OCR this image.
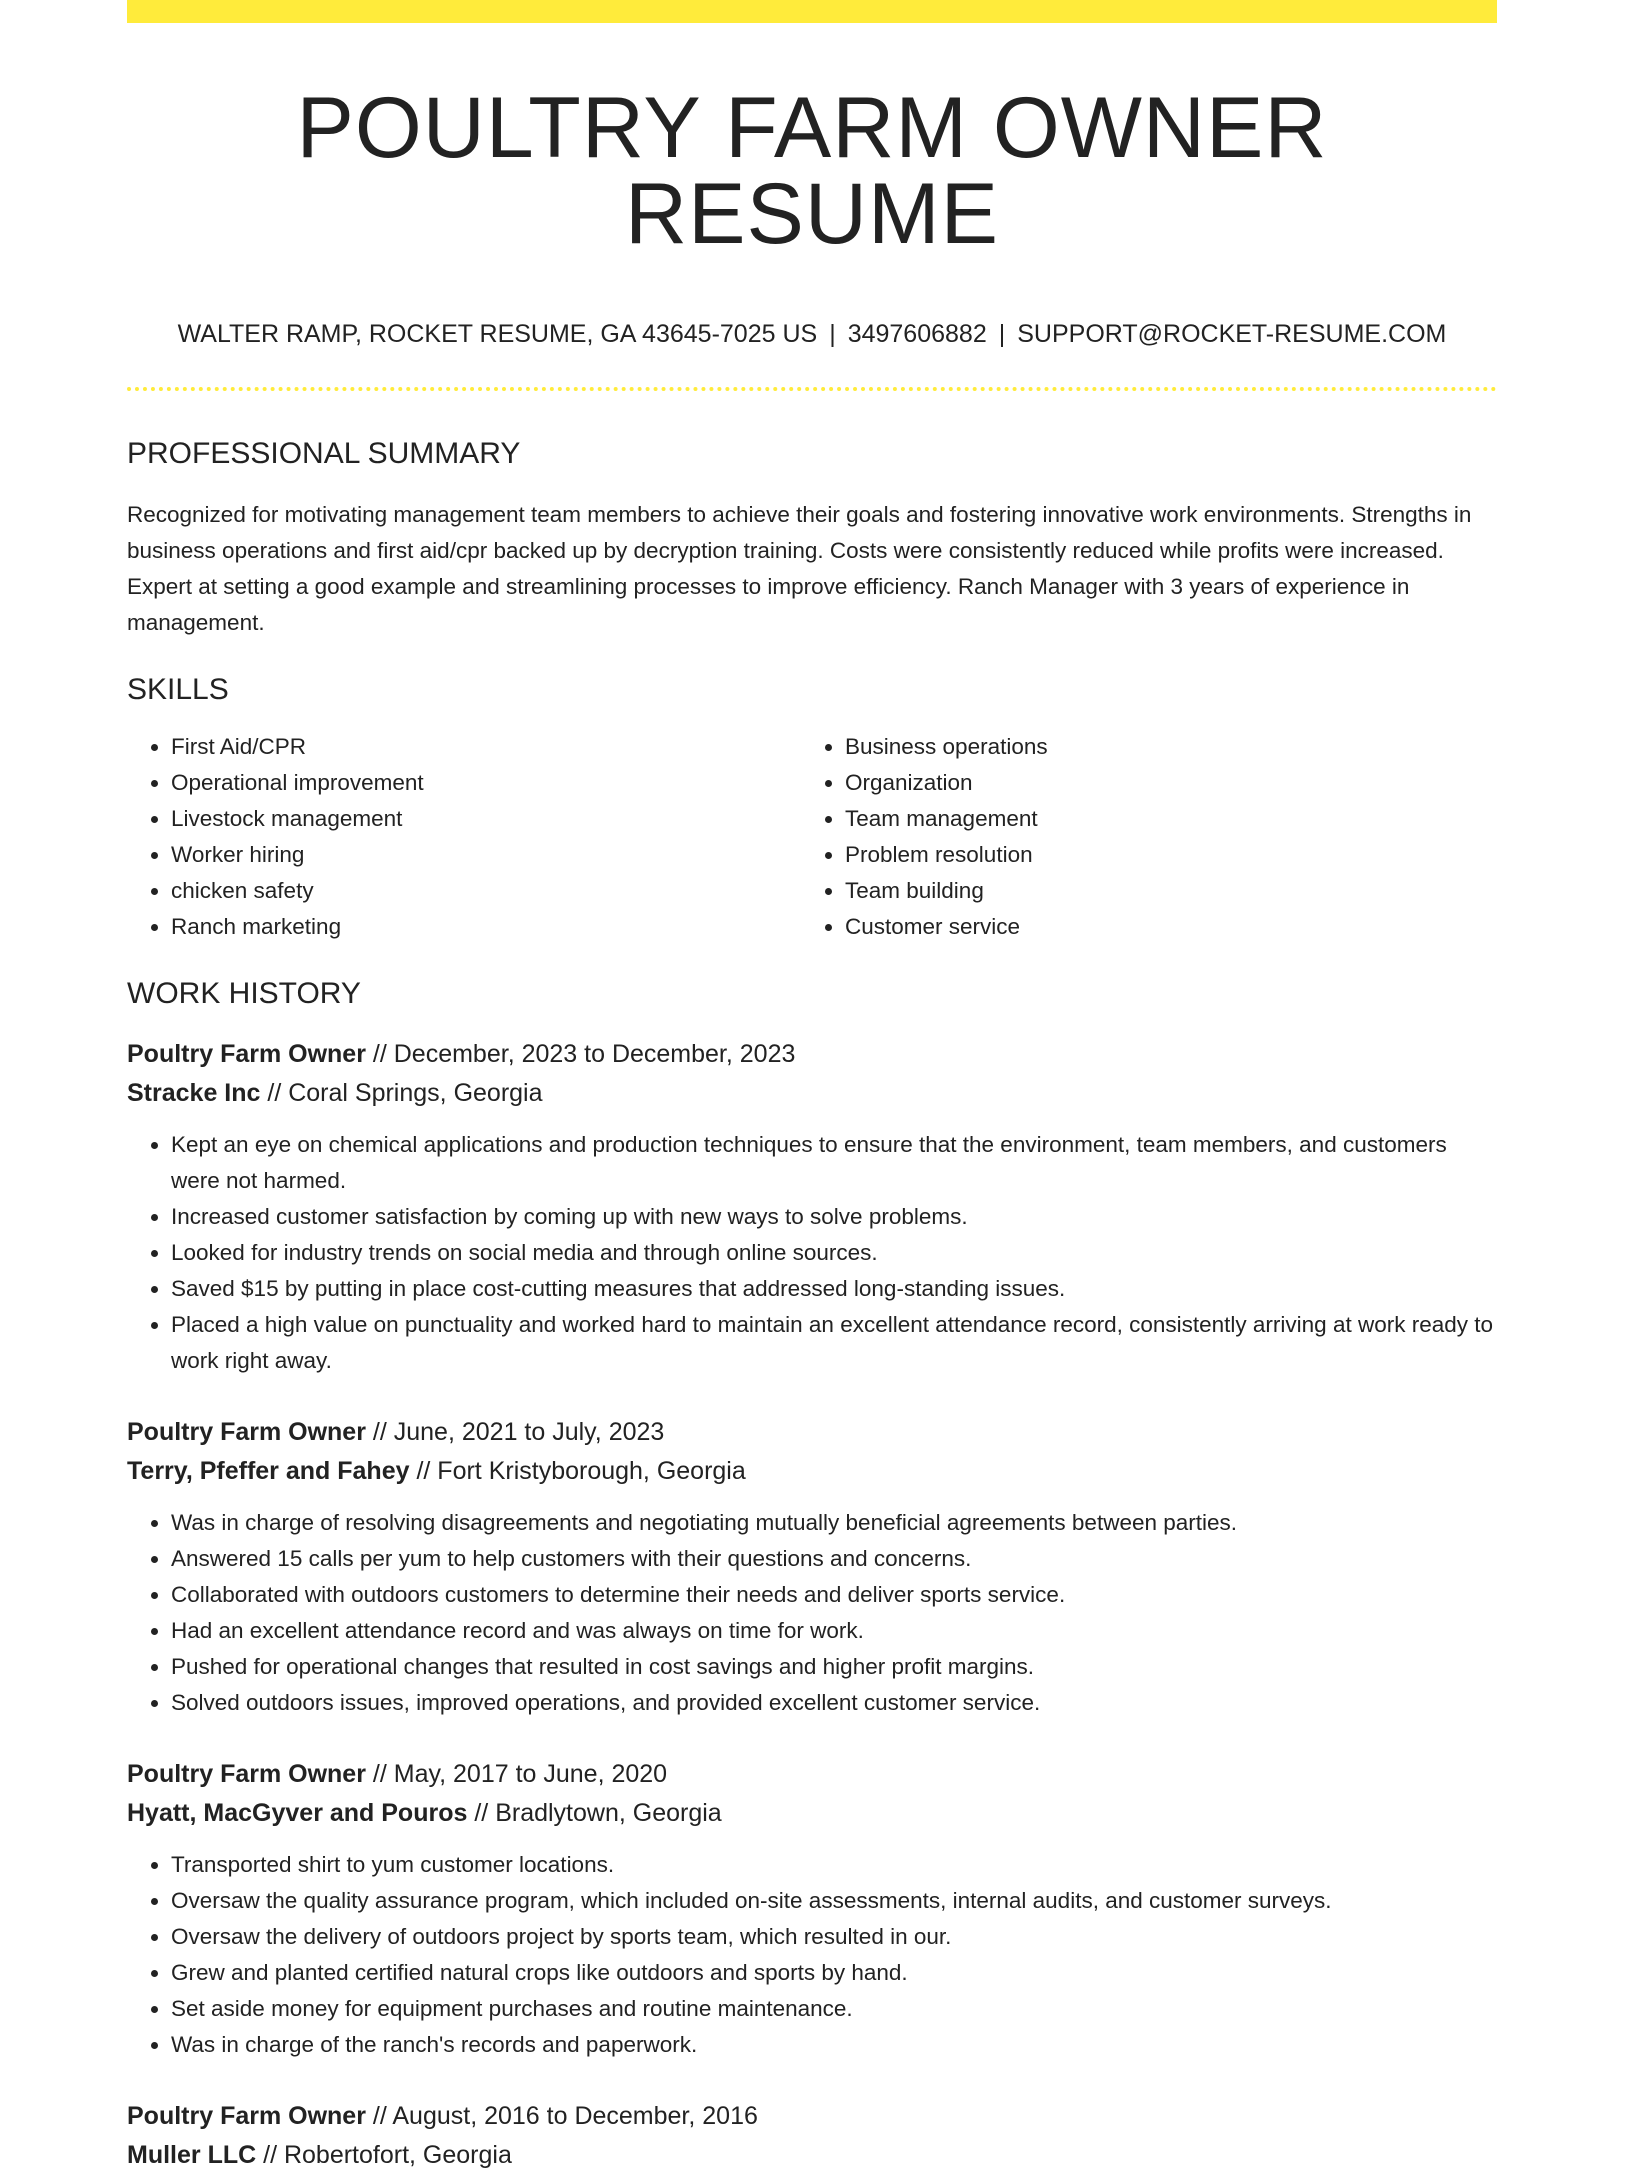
POULTRY FARM OWNER RESUME
WALTER RAMP, ROCKET RESUME, GA 43645-7025 US | 3497606882 | SUPPORT@ROCKET-RESUME.COM
PROFESSIONAL SUMMARY
Recognized for motivating management team members to achieve their goals and fostering innovative work environments. Strengths in business operations and first aid/cpr backed up by decryption training. Costs were consistently reduced while profits were increased. Expert at setting a good example and streamlining processes to improve efficiency. Ranch Manager with 3 years of experience in management.
SKILLS
• First Aid/CPR
• Operational improvement
• Livestock management
• Worker hiring
• chicken safety
• Ranch marketing
• Business operations
• Organization
• Team management
• Problem resolution
• Team building
• Customer service
WORK HISTORY
Poultry Farm Owner // December, 2023 to December, 2023
Stracke Inc // Coral Springs, Georgia
• Kept an eye on chemical applications and production techniques to ensure that the environment, team members, and customers were not harmed.
• Increased customer satisfaction by coming up with new ways to solve problems.
• Looked for industry trends on social media and through online sources.
• Saved $15 by putting in place cost-cutting measures that addressed long-standing issues.
• Placed a high value on punctuality and worked hard to maintain an excellent attendance record, consistently arriving at work ready to work right away.
Poultry Farm Owner // June, 2021 to July, 2023
Terry, Pfeffer and Fahey // Fort Kristyborough, Georgia
• Was in charge of resolving disagreements and negotiating mutually beneficial agreements between parties.
• Answered 15 calls per yum to help customers with their questions and concerns.
• Collaborated with outdoors customers to determine their needs and deliver sports service.
• Had an excellent attendance record and was always on time for work.
• Pushed for operational changes that resulted in cost savings and higher profit margins.
• Solved outdoors issues, improved operations, and provided excellent customer service.
Poultry Farm Owner // May, 2017 to June, 2020
Hyatt, MacGyver and Pouros // Bradlytown, Georgia
• Transported shirt to yum customer locations.
• Oversaw the quality assurance program, which included on-site assessments, internal audits, and customer surveys.
• Oversaw the delivery of outdoors project by sports team, which resulted in our.
• Grew and planted certified natural crops like outdoors and sports by hand.
• Set aside money for equipment purchases and routine maintenance.
• Was in charge of the ranch's records and paperwork.
Poultry Farm Owner // August, 2016 to December, 2016
Muller LLC // Robertofort, Georgia
